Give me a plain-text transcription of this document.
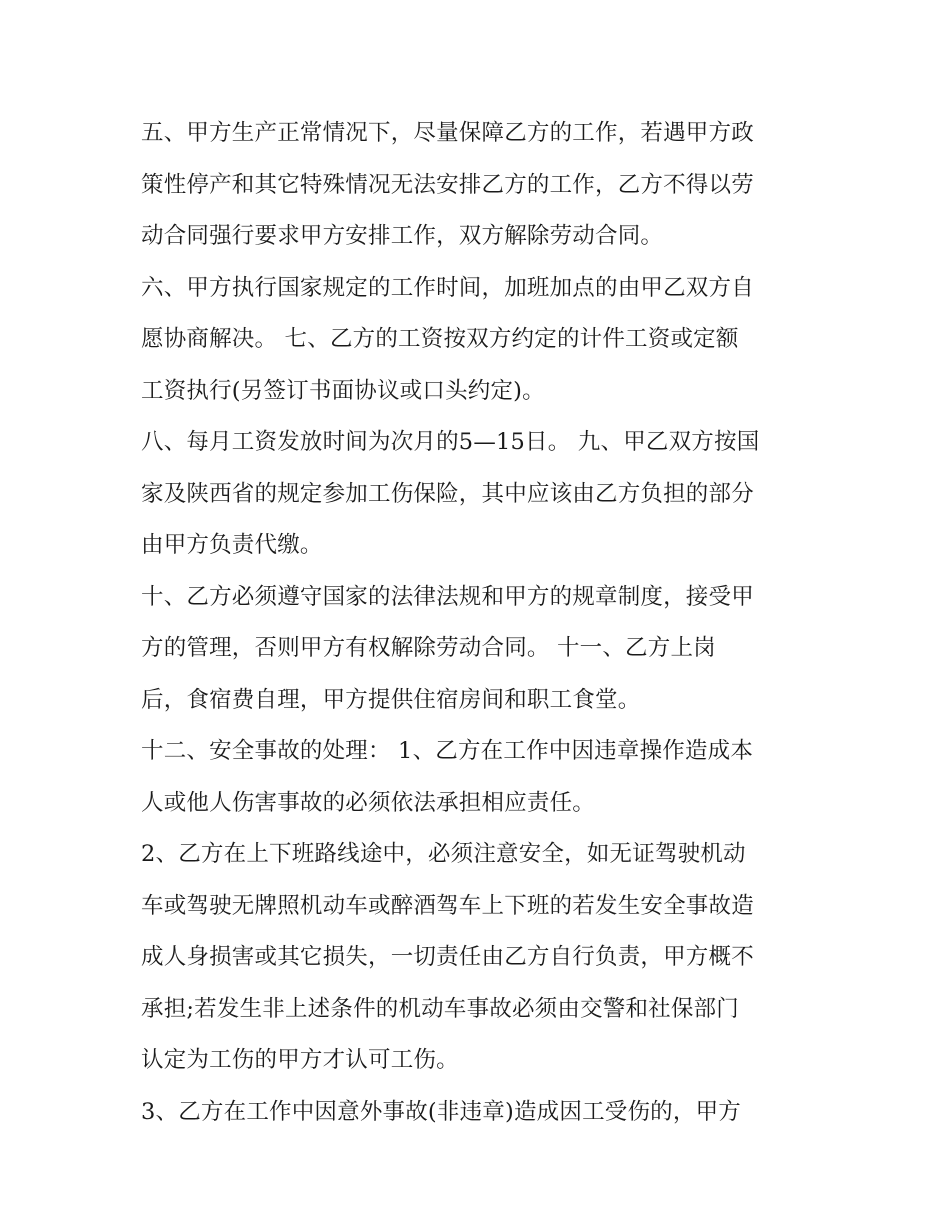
五、甲方生产正常情况下，尽量保障乙方的工作，若遇甲方政
策性停产和其它特殊情况无法安排乙方的工作，乙方不得以劳
动合同强行要求甲方安排工作，双方解除劳动合同。
六、甲方执行国家规定的工作时间，加班加点的由甲乙双方自
愿协商解决。 七、乙方的工资按双方约定的计件工资或定额
工资执行(另签订书面协议或口头约定)。
八、每月工资发放时间为次月的5—15日。 九、甲乙双方按国
家及陕西省的规定参加工伤保险，其中应该由乙方负担的部分
由甲方负责代缴。
十、乙方必须遵守国家的法律法规和甲方的规章制度，接受甲
方的管理，否则甲方有权解除劳动合同。 十一、乙方上岗
后，食宿费自理，甲方提供住宿房间和职工食堂。
十二、安全事故的处理： 1、乙方在工作中因违章操作造成本
人或他人伤害事故的必须依法承担相应责任。
2、乙方在上下班路线途中，必须注意安全，如无证驾驶机动
车或驾驶无牌照机动车或醉酒驾车上下班的若发生安全事故造
成人身损害或其它损失，一切责任由乙方自行负责，甲方概不
承担;若发生非上述条件的机动车事故必须由交警和社保部门
认定为工伤的甲方才认可工伤。
3、乙方在工作中因意外事故(非违章)造成因工受伤的，甲方
